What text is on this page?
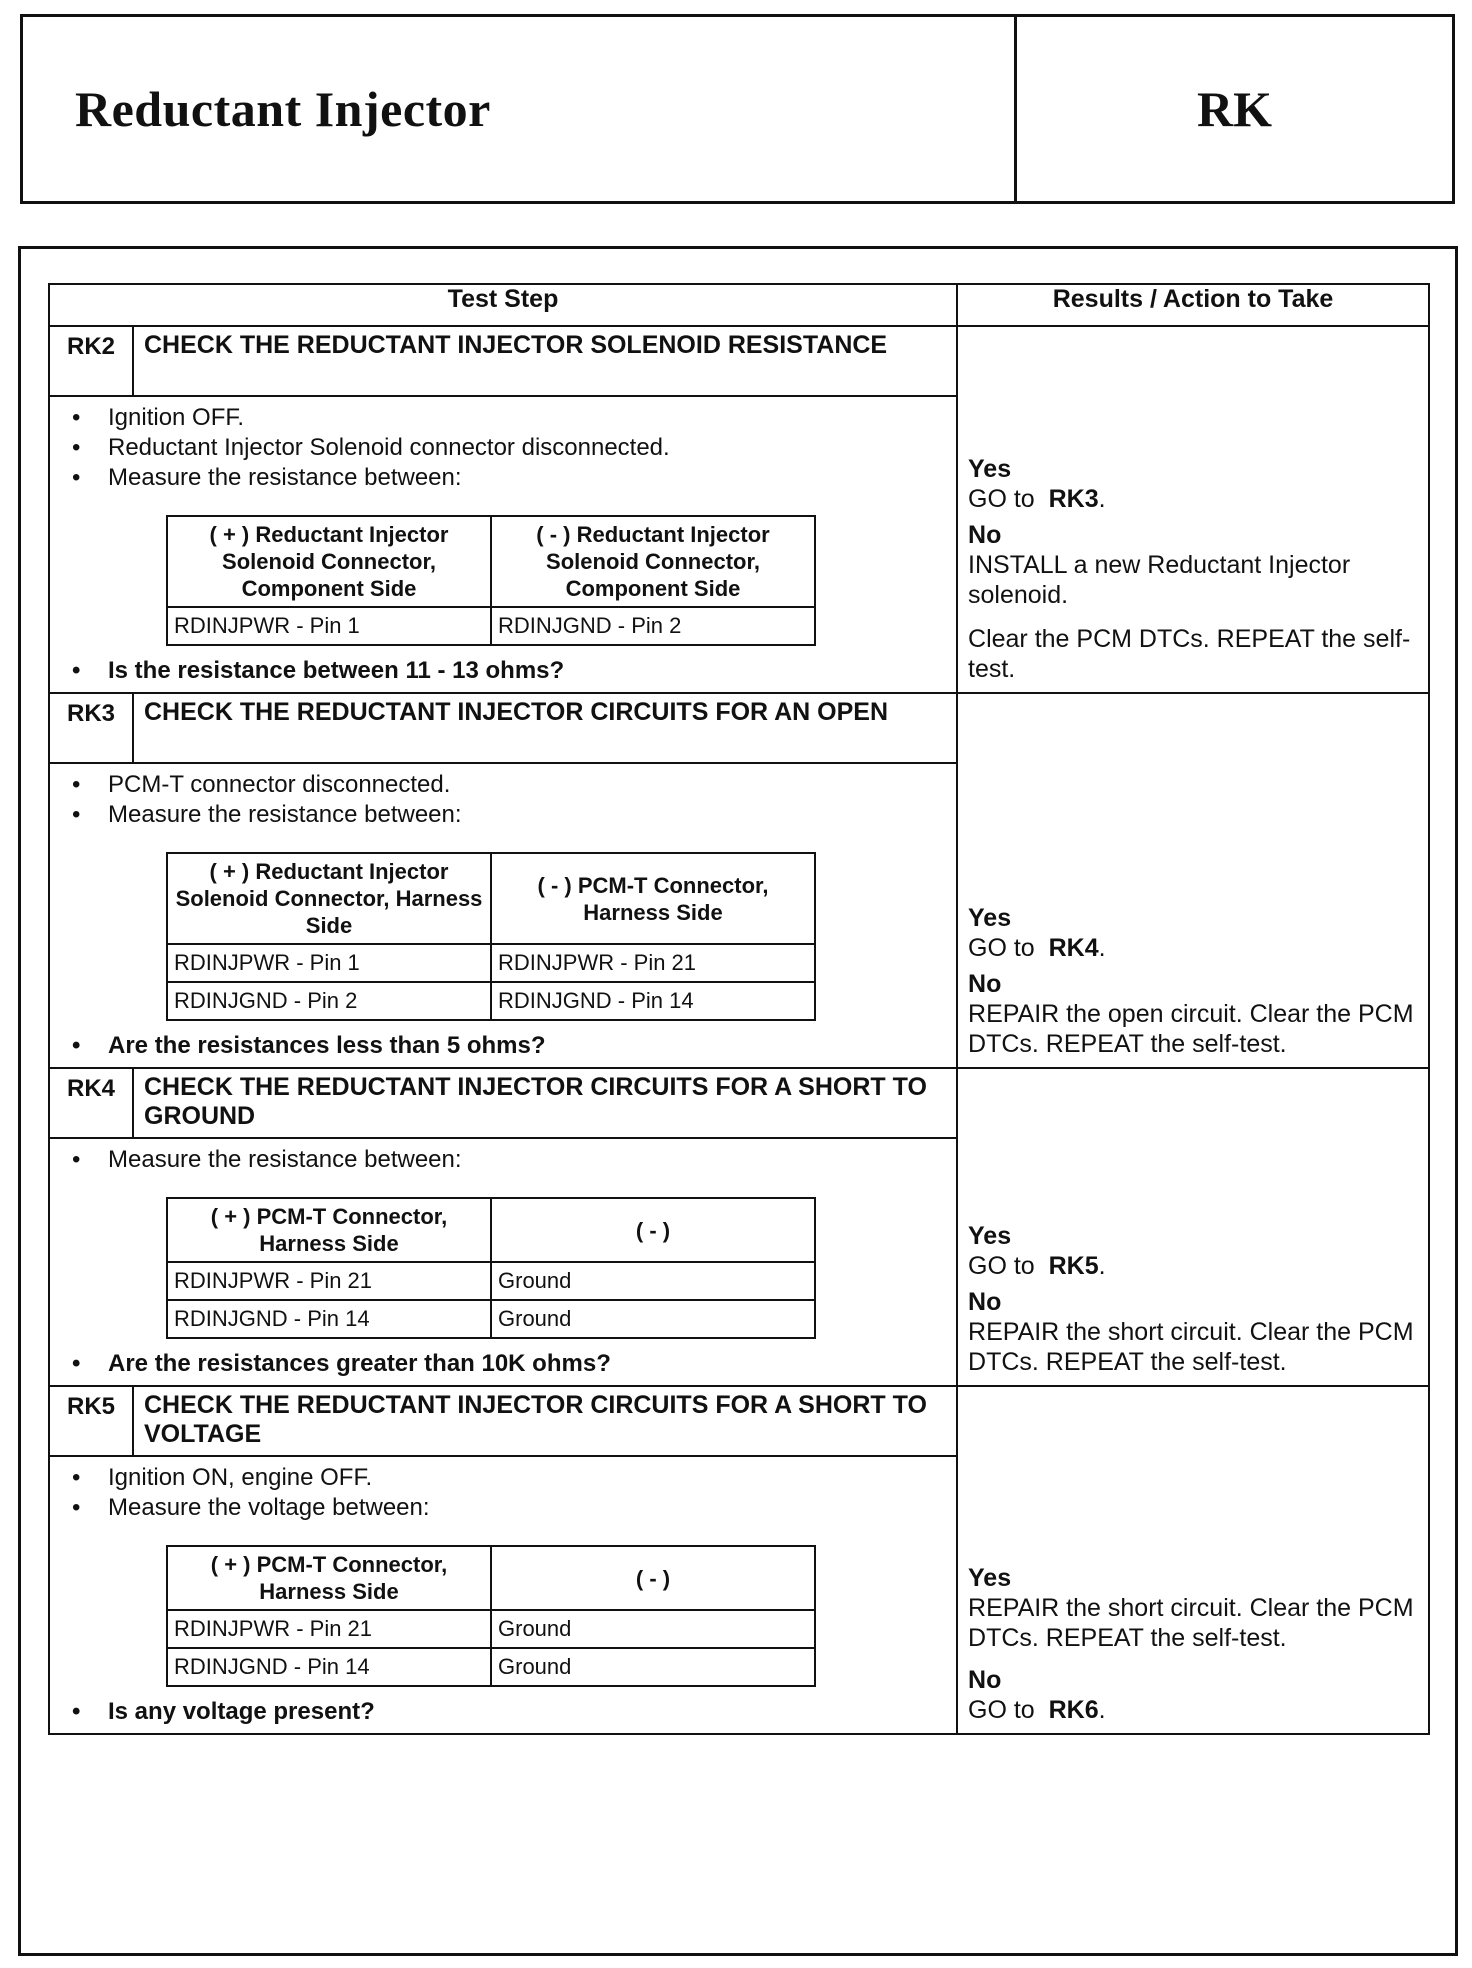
Reductant Injector	RK
Test Step	Results / Action to Take
RK2	CHECK THE REDUCTANT INJECTOR SOLENOID RESISTANCE	
Yes
GO to RK3.
No
INSTALL a new Reductant Injector solenoid.
Clear the PCM DTCs. REPEAT the self-test.

• Ignition OFF.
• Reductant Injector Solenoid connector disconnected.
• Measure the resistance between:
( + ) Reductant Injector Solenoid Connector, Component Side	( - ) Reductant Injector Solenoid Connector, Component Side
RDINJPWR - Pin 1	RDINJGND - Pin 2
• Is the resistance between 11 - 13 ohms?

RK3	CHECK THE REDUCTANT INJECTOR CIRCUITS FOR AN OPEN	
Yes
GO to RK4.
No
REPAIR the open circuit. Clear the PCM DTCs. REPEAT the self-test.

• PCM-T connector disconnected.
• Measure the resistance between:
( + ) Reductant Injector Solenoid Connector, Harness Side	( - ) PCM-T Connector, Harness Side
RDINJPWR - Pin 1	RDINJPWR - Pin 21
RDINJGND - Pin 2	RDINJGND - Pin 14
• Are the resistances less than 5 ohms?

RK4	CHECK THE REDUCTANT INJECTOR CIRCUITS FOR A SHORT TO GROUND	
Yes
GO to RK5.
No
REPAIR the short circuit. Clear the PCM DTCs. REPEAT the self-test.

• Measure the resistance between:
( + ) PCM-T Connector, Harness Side	( - )
RDINJPWR - Pin 21	Ground
RDINJGND - Pin 14	Ground
• Are the resistances greater than 10K ohms?

RK5	CHECK THE REDUCTANT INJECTOR CIRCUITS FOR A SHORT TO VOLTAGE	
Yes
REPAIR the short circuit. Clear the PCM DTCs. REPEAT the self-test.
No
GO to RK6.

• Ignition ON, engine OFF.
• Measure the voltage between:
( + ) PCM-T Connector, Harness Side	( - )
RDINJPWR - Pin 21	Ground
RDINJGND - Pin 14	Ground
• Is any voltage present?
